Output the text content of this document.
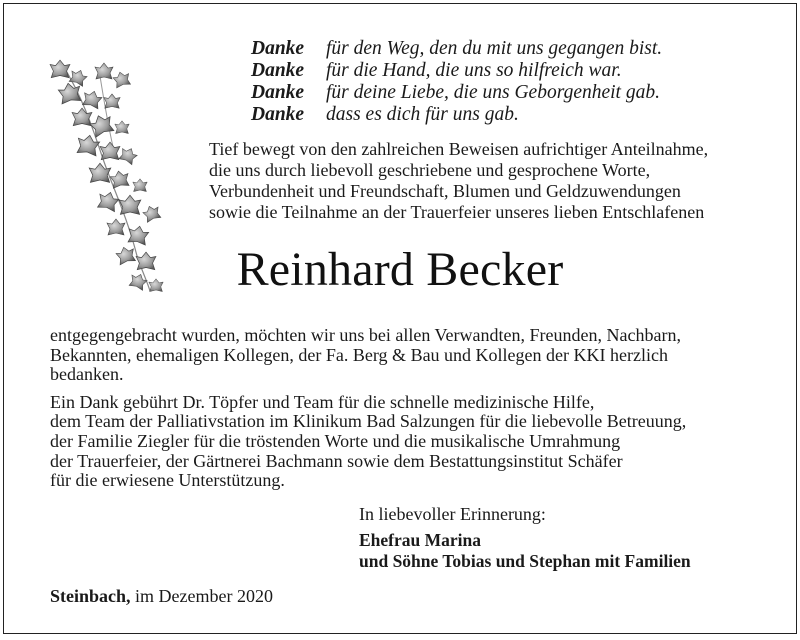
Danke	für den Weg, den du mit uns gegangen bist.
Danke	für die Hand, die uns so hilfreich war.
Danke	für deine Liebe, die uns Geborgenheit gab.
Danke	dass es dich für uns gab.
Tief bewegt von den zahlreichen Beweisen aufrichtiger Anteilnahme,
die uns durch liebevoll geschriebene und gesprochene Worte,
Verbundenheit und Freundschaft, Blumen und Geldzuwendungen
sowie die Teilnahme an der Trauerfeier unseres lieben Entschlafenen
Reinhard Becker
entgegengebracht wurden, möchten wir uns bei allen Verwandten, Freunden, Nachbarn,
Bekannten, ehemaligen Kollegen, der Fa. Berg & Bau und Kollegen der KKI herzlich
bedanken.
Ein Dank gebührt Dr. Töpfer und Team für die schnelle medizinische Hilfe,
dem Team der Palliativstation im Klinikum Bad Salzungen für die liebevolle Betreuung,
der Familie Ziegler für die tröstenden Worte und die musikalische Umrahmung
der Trauerfeier, der Gärtnerei Bachmann sowie dem Bestattungsinstitut Schäfer
für die erwiesene Unterstützung.
In liebevoller Erinnerung:
Ehefrau Marina
und Söhne Tobias und Stephan mit Familien
Steinbach, im Dezember 2020
